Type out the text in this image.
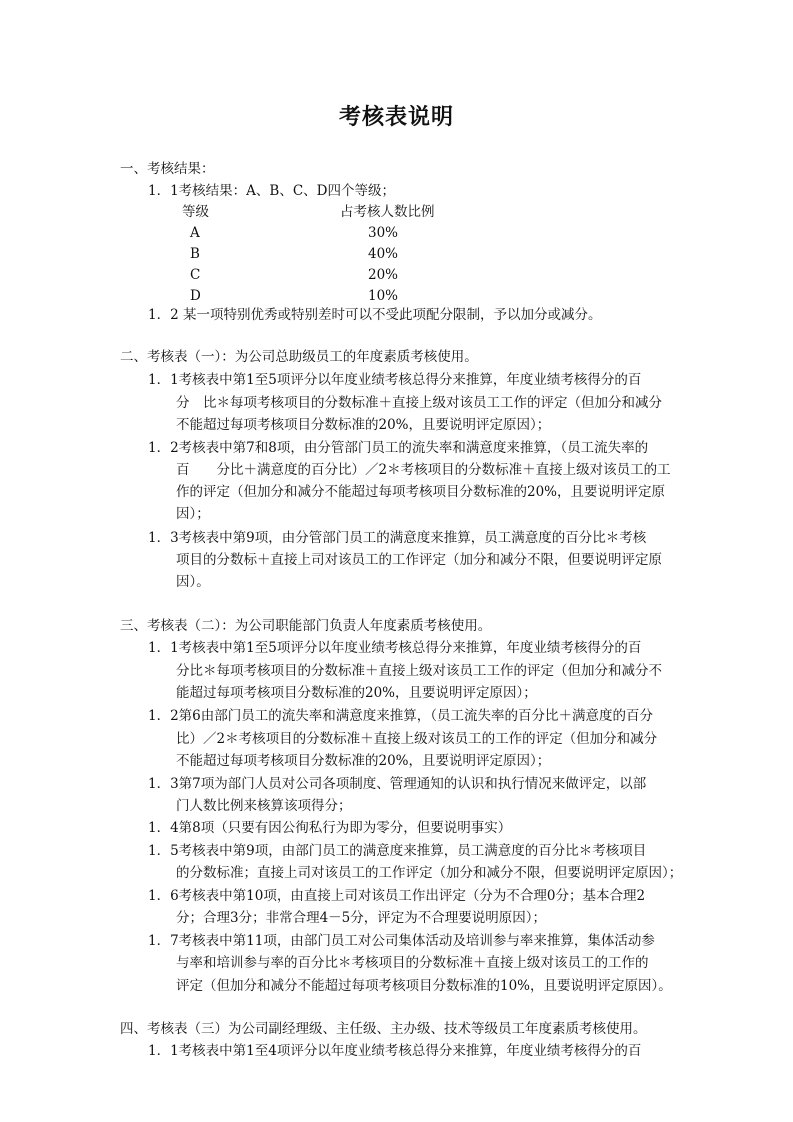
考核表说明
一、考核结果：
1．1考核结果：A、B、C、D四个等级；
等级	占考核人数比例
A	30%
B	40%
C	20%
D	10%
1．2 某一项特别优秀或特别差时可以不受此项配分限制，予以加分或减分。
二、考核表（一）：为公司总助级员工的年度素质考核使用。
1．1考核表中第1至5项评分以年度业绩考核总得分来推算，年度业绩考核得分的百
分　比＊每项考核项目的分数标准＋直接上级对该员工工作的评定（但加分和减分
不能超过每项考核项目分数标准的20%，且要说明评定原因）；
1．2考核表中第7和8项，由分管部门员工的流失率和满意度来推算，（员工流失率的
百　　分比＋满意度的百分比）／2＊考核项目的分数标准＋直接上级对该员工的工
作的评定（但加分和减分不能超过每项考核项目分数标准的20%，且要说明评定原
因）；
1．3考核表中第9项，由分管部门员工的满意度来推算，员工满意度的百分比＊考核
项目的分数标＋直接上司对该员工的工作评定（加分和减分不限，但要说明评定原
因）。
三、考核表（二）：为公司职能部门负责人年度素质考核使用。
1．1考核表中第1至5项评分以年度业绩考核总得分来推算，年度业绩考核得分的百
分比＊每项考核项目的分数标准＋直接上级对该员工工作的评定（但加分和减分不
能超过每项考核项目分数标准的20%，且要说明评定原因）；
1．2第6由部门员工的流失率和满意度来推算，（员工流失率的百分比＋满意度的百分
比）／2＊考核项目的分数标准＋直接上级对该员工的工作的评定（但加分和减分
不能超过每项考核项目分数标准的20%，且要说明评定原因）；
1．3第7项为部门人员对公司各项制度、管理通知的认识和执行情况来做评定，以部
门人数比例来核算该项得分；
1．4第8项（只要有因公徇私行为即为零分，但要说明事实）
1．5考核表中第9项，由部门员工的满意度来推算，员工满意度的百分比＊考核项目
的分数标准；直接上司对该员工的工作评定（加分和减分不限，但要说明评定原因）；
1．6考核表中第10项，由直接上司对该员工作出评定（分为不合理0分；基本合理2
分；合理3分；非常合理4－5分，评定为不合理要说明原因）；
1．7考核表中第11项，由部门员工对公司集体活动及培训参与率来推算，集体活动参
与率和培训参与率的百分比＊考核项目的分数标准＋直接上级对该员工的工作的
评定（但加分和减分不能超过每项考核项目分数标准的10%，且要说明评定原因）。
四、考核表（三）为公司副经理级、主任级、主办级、技术等级员工年度素质考核使用。
1．1考核表中第1至4项评分以年度业绩考核总得分来推算，年度业绩考核得分的百
